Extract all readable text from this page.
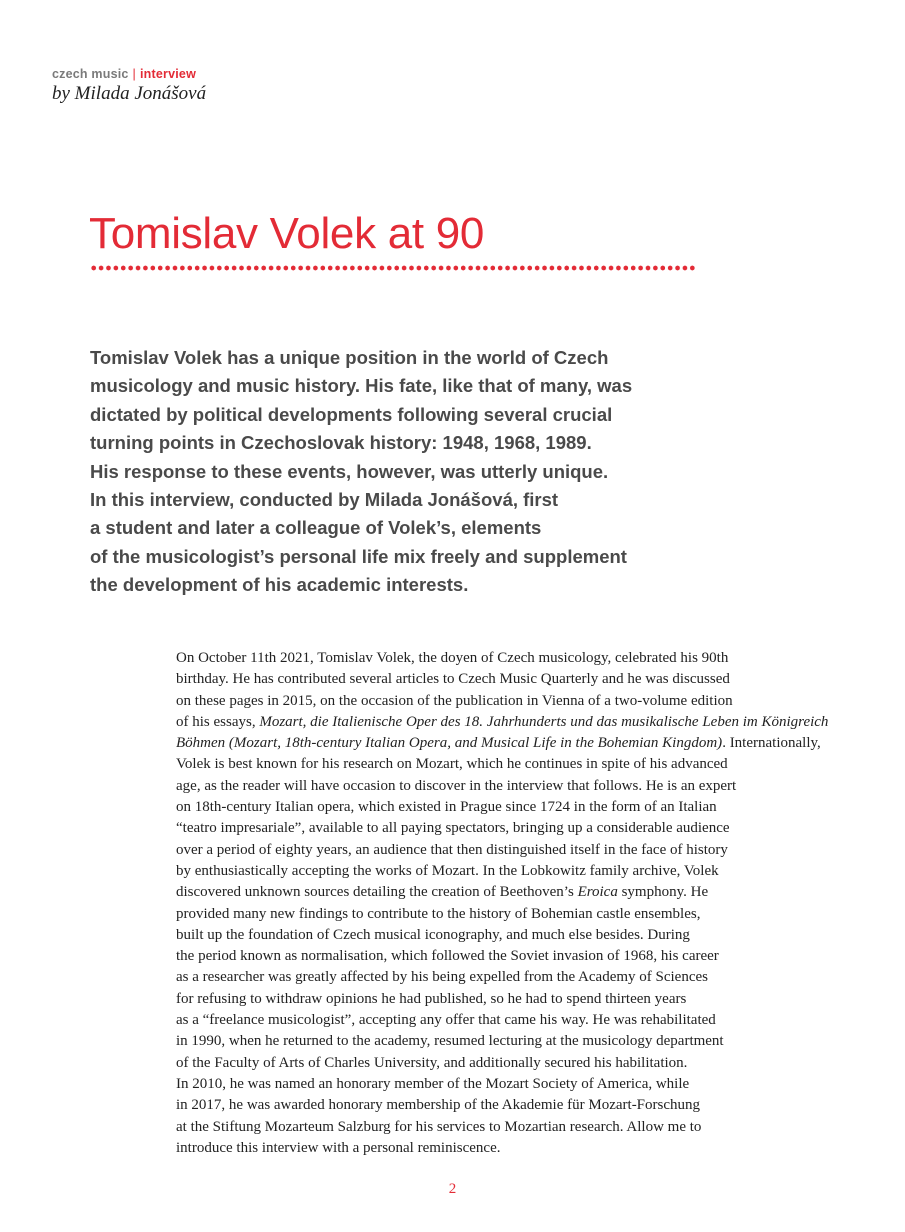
czech music | interview
by Milada Jonášová
Tomislav Volek at 90

Tomislav Volek has a unique position in the world of Czech
musicology and music history. His fate, like that of many, was
dictated by political developments following several crucial
turning points in Czechoslovak history: 1948, 1968, 1989.
His response to these events, however, was utterly unique.
In this interview, conducted by Milada Jonášová, first
a student and later a colleague of Volek’s, elements
of the musicologist’s personal life mix freely and supplement
the development of his academic interests.

On October 11th 2021, Tomislav Volek, the doyen of Czech musicology, celebrated his 90th
birthday. He has contributed several articles to Czech Music Quarterly and he was discussed
on these pages in 2015, on the occasion of the publication in Vienna of a two-volume edition
of his essays, Mozart, die Italienische Oper des 18. Jahrhunderts und das musikalische Leben im Königreich
Böhmen (Mozart, 18th-century Italian Opera, and Musical Life in the Bohemian Kingdom). Internationally,
Volek is best known for his research on Mozart, which he continues in spite of his advanced
age, as the reader will have occasion to discover in the interview that follows. He is an expert
on 18th-century Italian opera, which existed in Prague since 1724 in the form of an Italian
“teatro impresariale”, available to all paying spectators, bringing up a considerable audience
over a period of eighty years, an audience that then distinguished itself in the face of history
by enthusiastically accepting the works of Mozart. In the Lobkowitz family archive, Volek
discovered unknown sources detailing the creation of Beethoven’s Eroica symphony. He
provided many new findings to contribute to the history of Bohemian castle ensembles,
built up the foundation of Czech musical iconography, and much else besides. During
the period known as normalisation, which followed the Soviet invasion of 1968, his career
as a researcher was greatly affected by his being expelled from the Academy of Sciences
for refusing to withdraw opinions he had published, so he had to spend thirteen years
as a “freelance musicologist”, accepting any offer that came his way. He was rehabilitated
in 1990, when he returned to the academy, resumed lecturing at the musicology department
of the Faculty of Arts of Charles University, and additionally secured his habilitation.
In 2010, he was named an honorary member of the Mozart Society of America, while
in 2017, he was awarded honorary membership of the Akademie für Mozart-Forschung
at the Stiftung Mozarteum Salzburg for his services to Mozartian research. Allow me to
introduce this interview with a personal reminiscence.
2
